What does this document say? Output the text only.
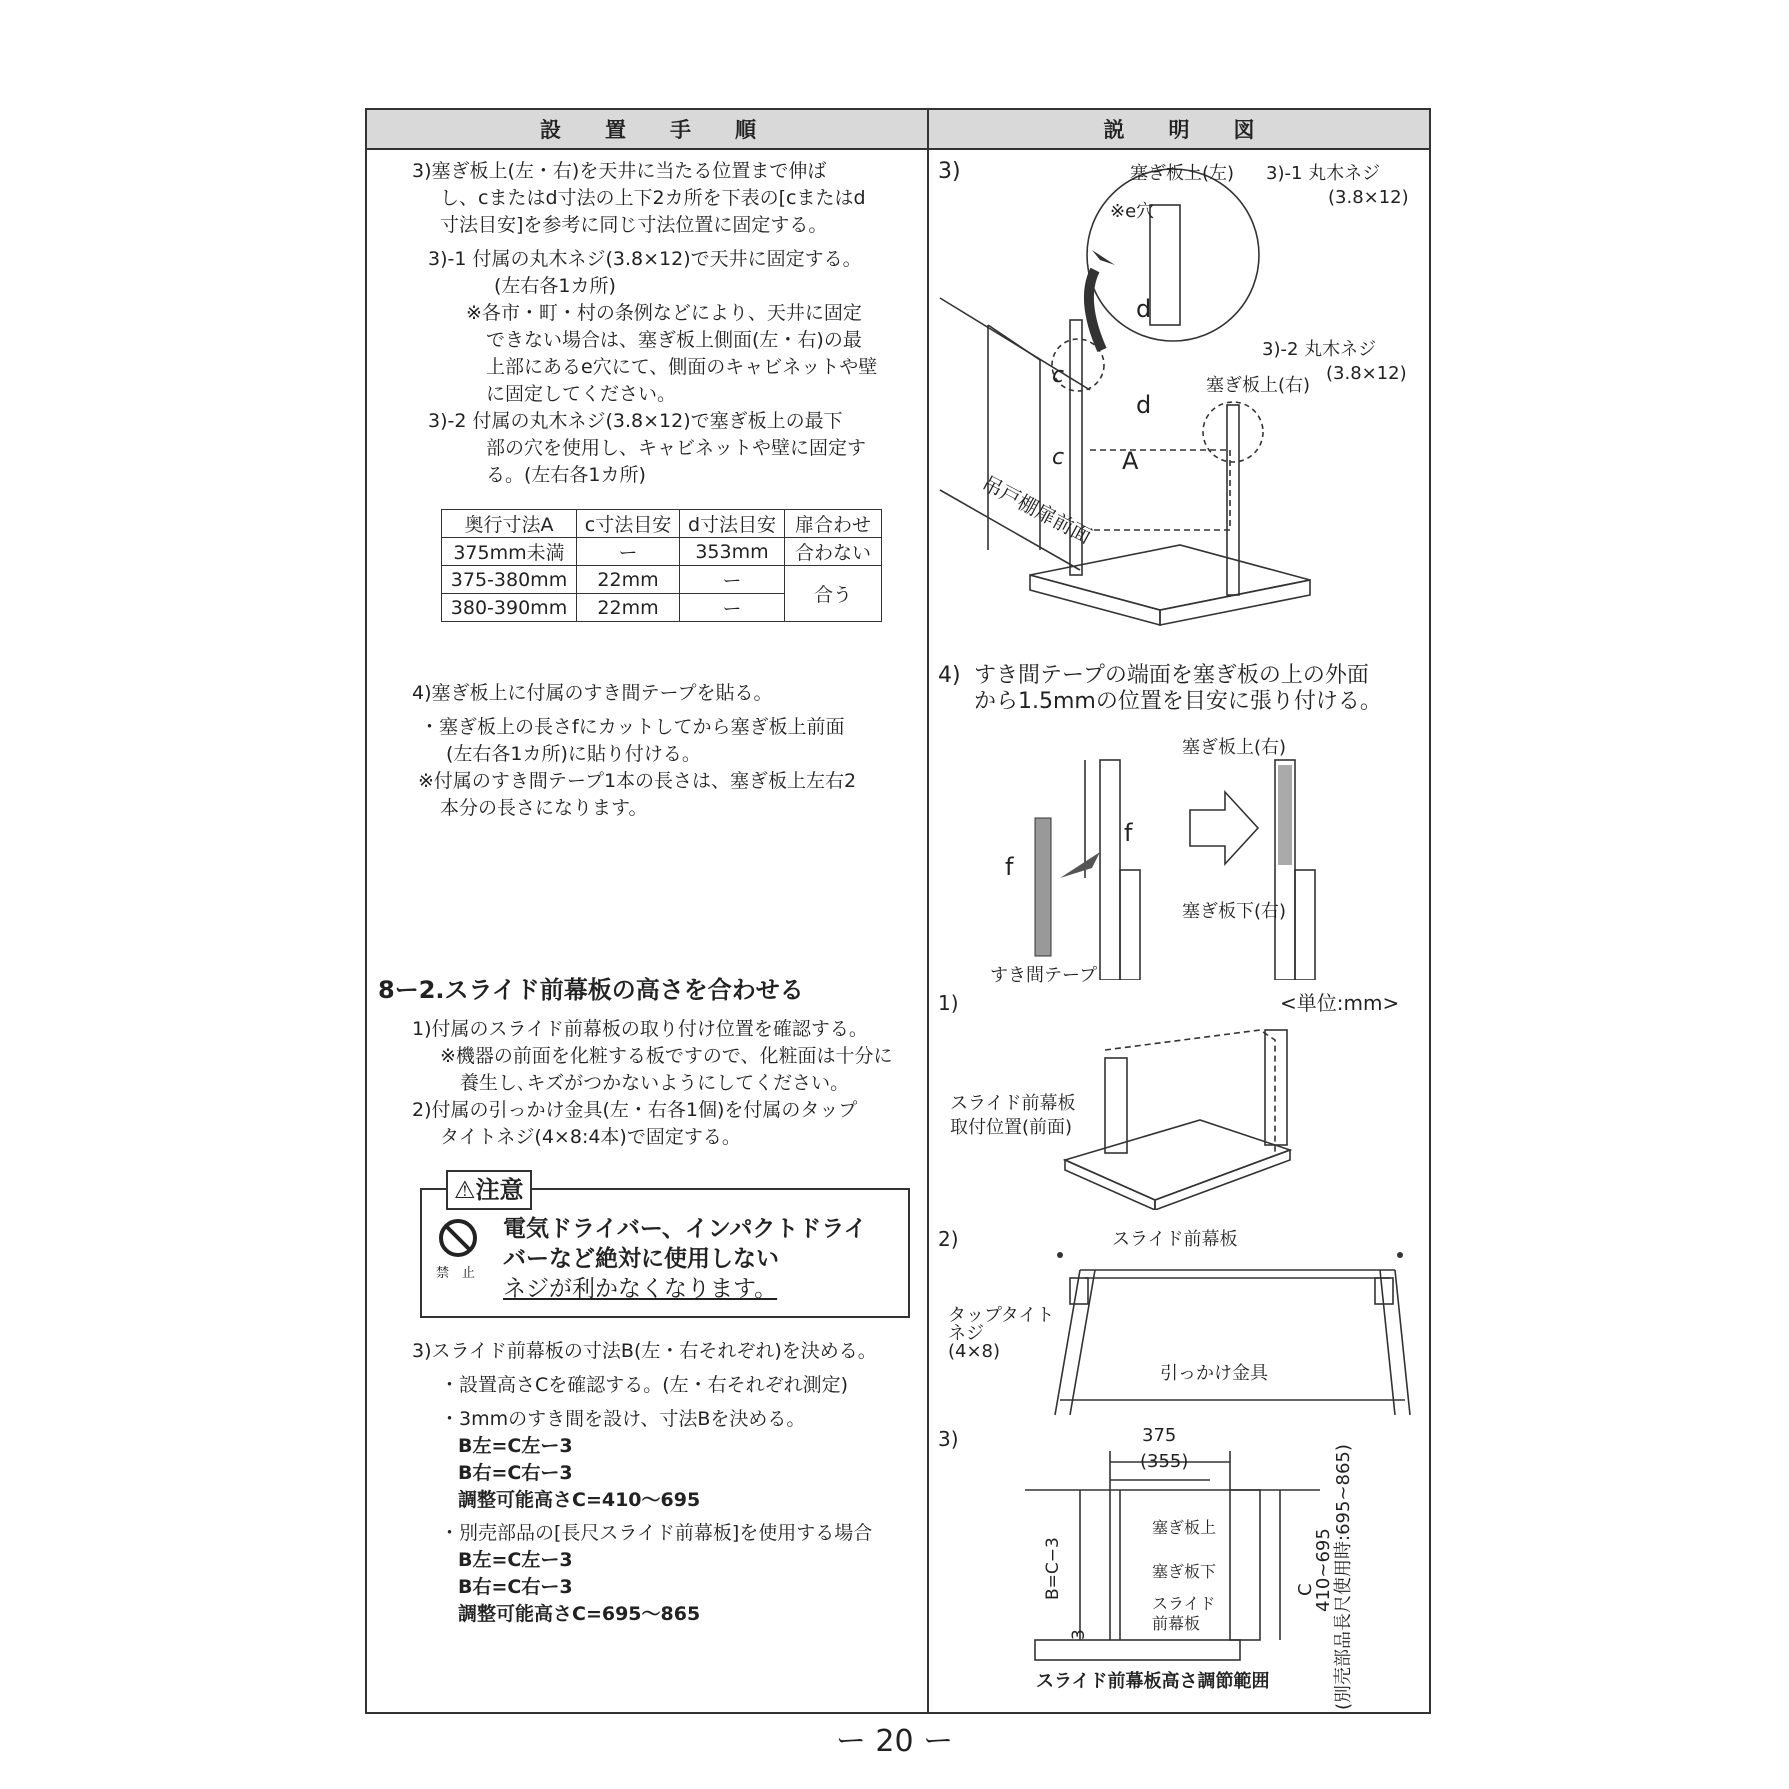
設 置 手 順	説 明 図
3)塞ぎ板上(左・右)を天井に当たる位置まで伸ば
し、cまたはd寸法の上下2カ所を下表の[cまたはd
寸法目安]を参考に同じ寸法位置に固定する。
3)-1 付属の丸木ネジ(3.8×12)で天井に固定する。
(左右各1カ所)
※各市・町・村の条例などにより、天井に固定
できない場合は、塞ぎ板上側面(左・右)の最
上部にあるe穴にて、側面のキャビネットや壁
に固定してください。
3)-2 付属の丸木ネジ(3.8×12)で塞ぎ板上の最下
部の穴を使用し、キャビネットや壁に固定す
る。(左右各1カ所)
奥行寸法A	c寸法目安	d寸法目安	扉合わせ
375mm未満	ー	353mm	合わない
375-380mm	22mm	ー	合う
380-390mm	22mm	ー	
4)塞ぎ板上に付属のすき間テープを貼る。
・塞ぎ板上の長さfにカットしてから塞ぎ板上前面
(左右各1カ所)に貼り付ける。
※付属のすき間テープ1本の長さは、塞ぎ板上左右2
本分の長さになります。
8ー2.スライド前幕板の高さを合わせる
1)付属のスライド前幕板の取り付け位置を確認する。
※機器の前面を化粧する板ですので、化粧面は十分に
養生し､キズがつかないようにしてください。
2)付属の引っかけ金具(左・右各1個)を付属のタップ
タイトネジ(4×8:4本)で固定する。
⚠注意
禁　止
電気ドライバー、インパクトドライ
バーなど絶対に使用しない
ネジが利かなくなります。
3)スライド前幕板の寸法B(左・右それぞれ)を決める。
・設置高さCを確認する。(左・右それぞれ測定)
・3mmのすき間を設け、寸法Bを決める。
B左=C左ー3
B右=C右ー3
調整可能高さC=410〜695
・別売部品の[長尺スライド前幕板]を使用する場合
B左=C左ー3
B右=C右ー3
調整可能高さC=695〜865
3)	塞ぎ板上(左) 3)-1 丸木ネジ
(3.8×12)
※e穴
3)-2 丸木ネジ
(3.8×12)
塞ぎ板上(右)
c
c
d
d
A
吊戸棚扉前面
4) すき間テープの端面を塞ぎ板の上の外面
から1.5mmの位置を目安に張り付ける。
塞ぎ板上(右)
塞ぎ板下(右)
すき間テープ
f
f
1)	<単位:mm>
スライド前幕板
取付位置(前面)
2)	スライド前幕板
タップタイト
ネジ
(4×8)
引っかけ金具
3)	375
(355)
塞ぎ板上
塞ぎ板下
スライド
前幕板
B=C−3
3
C
410~695 (別売部品長尺使用時:695~865)
スライド前幕板高さ調節範囲
ー 20 ー
